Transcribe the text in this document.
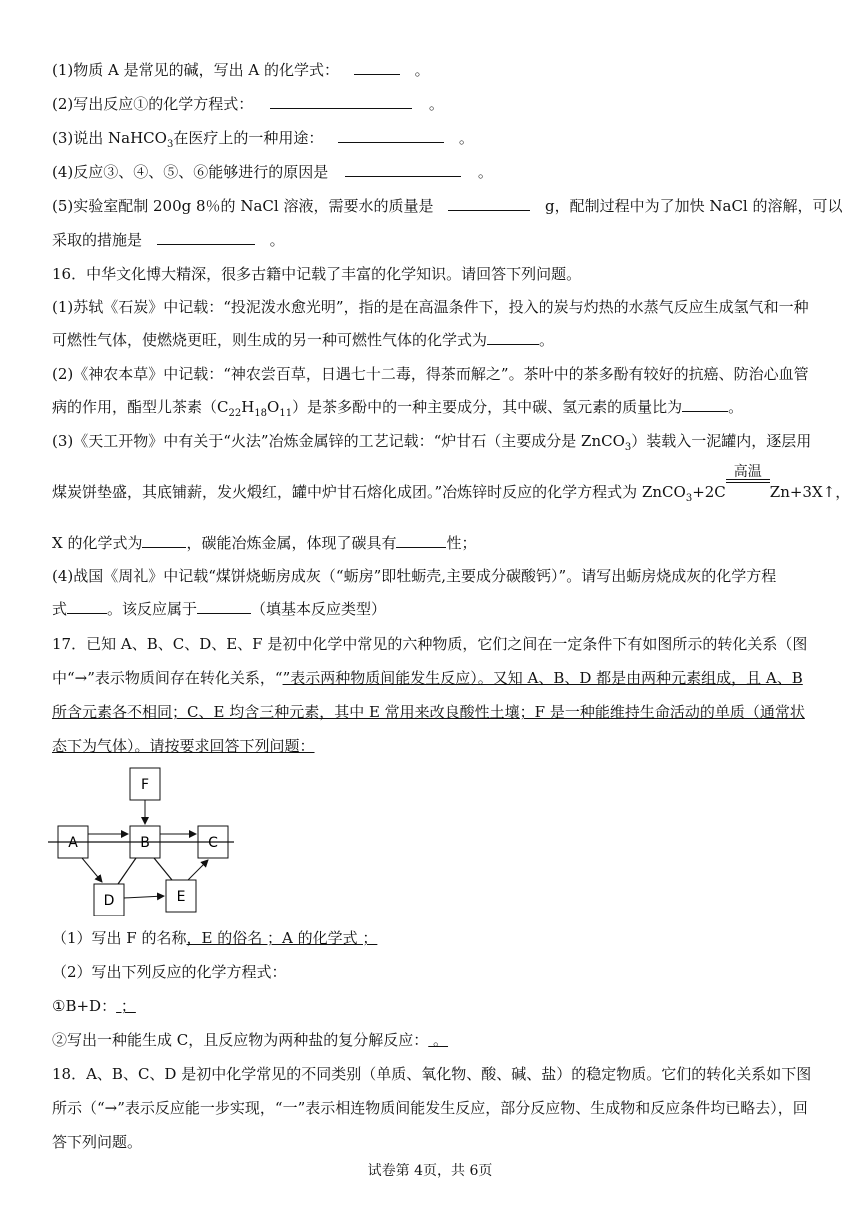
(1)物质 A 是常见的碱，写出 A 的化学式：	。
(2)写出反应①的化学方程式：	。
(3)说出 NaHCO$_3$在医疗上的一种用途：	。
(4)反应③、④、⑤、⑥能够进行的原因是	。
(5)实验室配制 200g 8％的 NaCl 溶液，需要水的质量是	g，配制过程中为了加快 NaCl 的溶解，可以
采取的措施是	。
16．中华文化博大精深，很多古籍中记载了丰富的化学知识。请回答下列问题。
(1)苏轼《石炭》中记载：“投泥泼水愈光明”，指的是在高温条件下，投入的炭与灼热的水蒸气反应生成氢气和一种
可燃性气体，使燃烧更旺，则生成的另一种可燃性气体的化学式为	。
(2)《神农本草》中记载：“神农尝百草，日遇七十二毒，得茶而解之”。茶叶中的茶多酚有较好的抗癌、防治心血管
病的作用，酯型儿茶素$(C_{22}H_{18}O_{11})$是茶多酚中的一种主要成分，其中碳、氢元素的质量比为	。
(3)《天工开物》中有关于“火法”冶炼金属锌的工艺记载：“炉甘石（主要成分是 ZnCO$_3$）装载入一泥罐内，逐层用
煤炭饼垫盛，其底铺薪，发火煅红，罐中炉甘石熔化成团。”冶炼锌时反应的化学方程式为 ZnCO$_3$+2C
高温
Zn+3X↑，
X 的化学式为	，碳能冶炼金属，体现了碳具有	性；
(4)战国《周礼》中记载“煤饼烧蛎房成灰（“蛎房”即牡蛎壳,主要成分碳酸钙）”。请写出蛎房烧成灰的化学方程
式	。该反应属于	（填基本反应类型）
17．已知 A、B、C、D、E、F 是初中化学中常见的六种物质，它们之间在一定条件下有如图所示的转化关系（图
中“→”表示物质间存在转化关系，“”表示两种物质间能发生反应）。又知 A、B、D 都是由两种元素组成，且 A、B
所含元素各不相同；C、E 均含三种元素，其中 E 常用来改良酸性土壤；F 是一种能维持生命活动的单质（通常状
态下为气体）。请按要求回答下列问题：
F
A	B	C
D	E
（1）写出 F 的名称，E 的俗名 ；A 的化学式 ；
（2）写出下列反应的化学方程式：
①B+D： ；
②写出一种能生成 C，且反应物为两种盐的复分解反应： 。
18．A、B、C、D 是初中化学常见的不同类别（单质、氧化物、酸、碱、盐）的稳定物质。它们的转化关系如下图
所示（“→”表示反应能一步实现，“一”表示相连物质间能发生反应，部分反应物、生成物和反应条件均已略去），回
答下列问题。
试卷第 4页，共 6页
